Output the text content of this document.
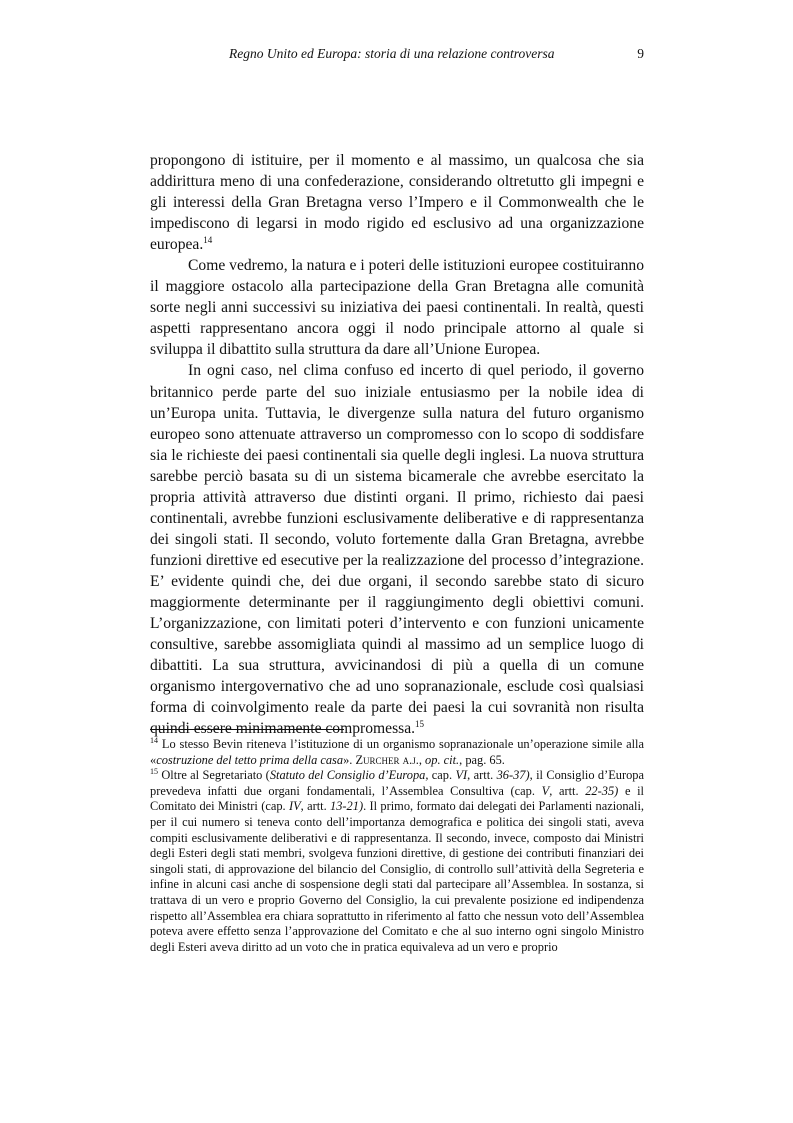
Regno Unito ed Europa: storia di una relazione controversa	9

propongono di istituire, per il momento e al massimo, un qualcosa che sia addirittura meno di una confederazione, considerando oltretutto gli impegni e gli interessi della Gran Bretagna verso l’Impero e il Commonwealth che le impediscono di legarsi in modo rigido ed esclusivo ad una organizzazione europea.$^{14}$

Come vedremo, la natura e i poteri delle istituzioni europee costituiranno il maggiore ostacolo alla partecipazione della Gran Bretagna alle comunità sorte negli anni successivi su iniziativa dei paesi continentali. In realtà, questi aspetti rappresentano ancora oggi il nodo principale attorno al quale si sviluppa il dibattito sulla struttura da dare all’Unione Europea.

In ogni caso, nel clima confuso ed incerto di quel periodo, il governo britannico perde parte del suo iniziale entusiasmo per la nobile idea di un’Europa unita. Tuttavia, le divergenze sulla natura del futuro organismo europeo sono attenuate attraverso un compromesso con lo scopo di soddisfare sia le richieste dei paesi continentali sia quelle degli inglesi. La nuova struttura sarebbe perciò basata su di un sistema bicamerale che avrebbe esercitato la propria attività attraverso due distinti organi. Il primo, richiesto dai paesi continentali, avrebbe funzioni esclusivamente deliberative e di rappresentanza dei singoli stati. Il secondo, voluto fortemente dalla Gran Bretagna, avrebbe funzioni direttive ed esecutive per la realizzazione del processo d’integrazione. E’ evidente quindi che, dei due organi, il secondo sarebbe stato di sicuro maggiormente determinante per il raggiungimento degli obiettivi comuni. L’organizzazione, con limitati poteri d’intervento e con funzioni unicamente consultive, sarebbe assomigliata quindi al massimo ad un semplice luogo di dibattiti. La sua struttura, avvicinandosi di più a quella di un comune organismo intergovernativo che ad uno sopranazionale, esclude così qualsiasi forma di coinvolgimento reale da parte dei paesi la cui sovranità non risulta quindi essere minimamente compromessa.$^{15}$

$^{14}$ Lo stesso Bevin riteneva l’istituzione di un organismo sopranazionale un’operazione simile alla «costruzione del tetto prima della casa». Zurcher a.j., op. cit., pag. 65.

$^{15}$ Oltre al Segretariato (Statuto del Consiglio d’Europa, cap. VI, artt. 36-37), il Consiglio d’Europa prevedeva infatti due organi fondamentali, l’Assemblea Consultiva (cap. V, artt. 22-35) e il Comitato dei Ministri (cap. IV, artt. 13-21). Il primo, formato dai delegati dei Parlamenti nazionali, per il cui numero si teneva conto dell’importanza demografica e politica dei singoli stati, aveva compiti esclusivamente deliberativi e di rappresentanza. Il secondo, invece, composto dai Ministri degli Esteri degli stati membri, svolgeva funzioni direttive, di gestione dei contributi finanziari dei singoli stati, di approvazione del bilancio del Consiglio, di controllo sull’attività della Segreteria e infine in alcuni casi anche di sospensione degli stati dal partecipare all’Assemblea. In sostanza, si trattava di un vero e proprio Governo del Consiglio, la cui prevalente posizione ed indipendenza rispetto all’Assemblea era chiara soprattutto in riferimento al fatto che nessun voto dell’Assemblea poteva avere effetto senza l’approvazione del Comitato e che al suo interno ogni singolo Ministro degli Esteri aveva diritto ad un voto che in pratica equivaleva ad un vero e proprio
